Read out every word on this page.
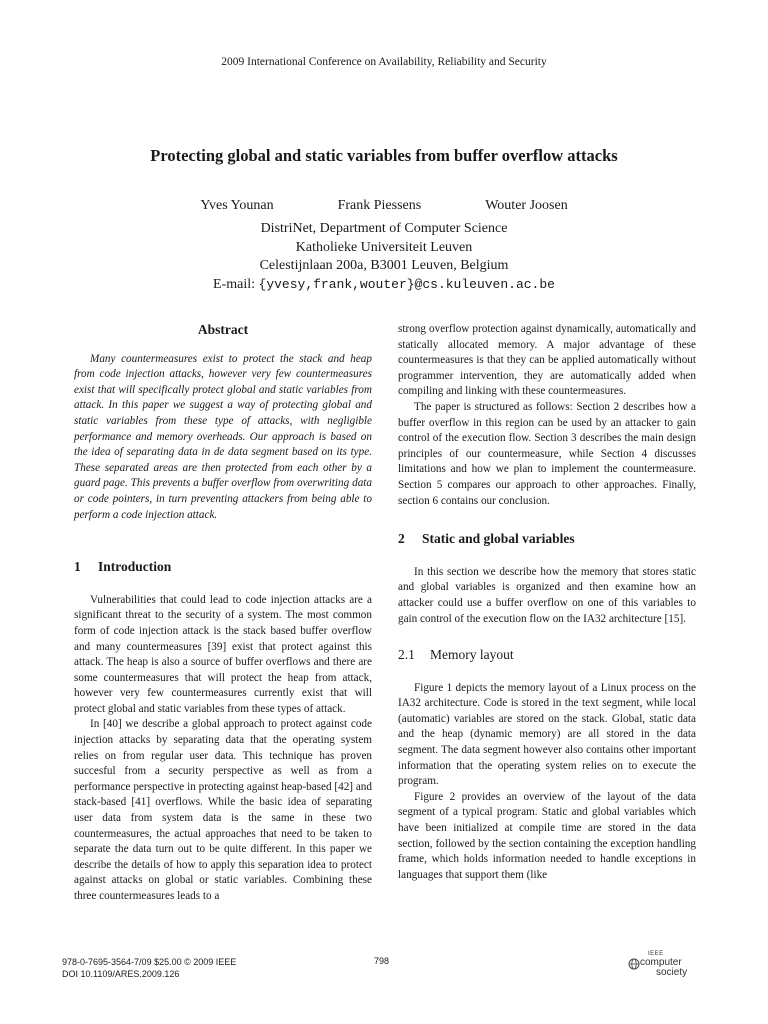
2009 International Conference on Availability, Reliability and Security
Protecting global and static variables from buffer overflow attacks
Yves Younan	Frank Piessens	Wouter Joosen
DistriNet, Department of Computer Science
Katholieke Universiteit Leuven
Celestijnlaan 200a, B3001 Leuven, Belgium
E-mail: {yvesy,frank,wouter}@cs.kuleuven.ac.be
Abstract

Many countermeasures exist to protect the stack and heap from code injection attacks, however very few countermeasures exist that will specifically protect global and static variables from attack. In this paper we suggest a way of protecting global and static variables from these type of attacks, with negligible performance and memory overheads. Our approach is based on the idea of separating data in de data segment based on its type. These separated areas are then protected from each other by a guard page. This prevents a buffer overflow from overwriting data or code pointers, in turn preventing attackers from being able to perform a code injection attack.

1 Introduction

Vulnerabilities that could lead to code injection attacks are a significant threat to the security of a system. The most common form of code injection attack is the stack based buffer overflow and many countermeasures [39] exist that protect against this attack. The heap is also a source of buffer overflows and there are some countermeasures that will protect the heap from attack, however very few countermeasures currently exist that will protect global and static variables from these types of attack.

In [40] we describe a global approach to protect against code injection attacks by separating data that the operating system relies on from regular user data. This technique has proven succesful from a security perspective as well as from a performance perspective in protecting against heap-based [42] and stack-based [41] overflows. While the basic idea of separating user data from system data is the same in these two countermeasures, the actual approaches that need to be taken to separate the data turn out to be quite different. In this paper we describe the details of how to apply this separation idea to protect against attacks on global or static variables. Combining these three countermeasures leads to a

strong overflow protection against dynamically, automatically and statically allocated memory. A major advantage of these countermeasures is that they can be applied automatically without programmer intervention, they are automatically added when compiling and linking with these countermeasures.

The paper is structured as follows: Section 2 describes how a buffer overflow in this region can be used by an attacker to gain control of the execution flow. Section 3 describes the main design principles of our countermeasure, while Section 4 discusses limitations and how we plan to implement the countermeasure. Section 5 compares our approach to other approaches. Finally, section 6 contains our conclusion.

2 Static and global variables

In this section we describe how the memory that stores static and global variables is organized and then examine how an attacker could use a buffer overflow on one of this variables to gain control of the execution flow on the IA32 architecture [15].

2.1 Memory layout

Figure 1 depicts the memory layout of a Linux process on the IA32 architecture. Code is stored in the text segment, while local (automatic) variables are stored on the stack. Global, static data and the heap (dynamic memory) are all stored in the data segment. The data segment however also contains other important information that the operating system relies on to execute the program.

Figure 2 provides an overview of the layout of the data segment of a typical program. Static and global variables which have been initialized at compile time are stored in the data section, followed by the section containing the exception handling frame, which holds information needed to handle exceptions in languages that support them (like

978-0-7695-3564-7/09 $25.00 © 2009 IEEE
DOI 10.1109/ARES.2009.126
798
IEEE
computer
society
